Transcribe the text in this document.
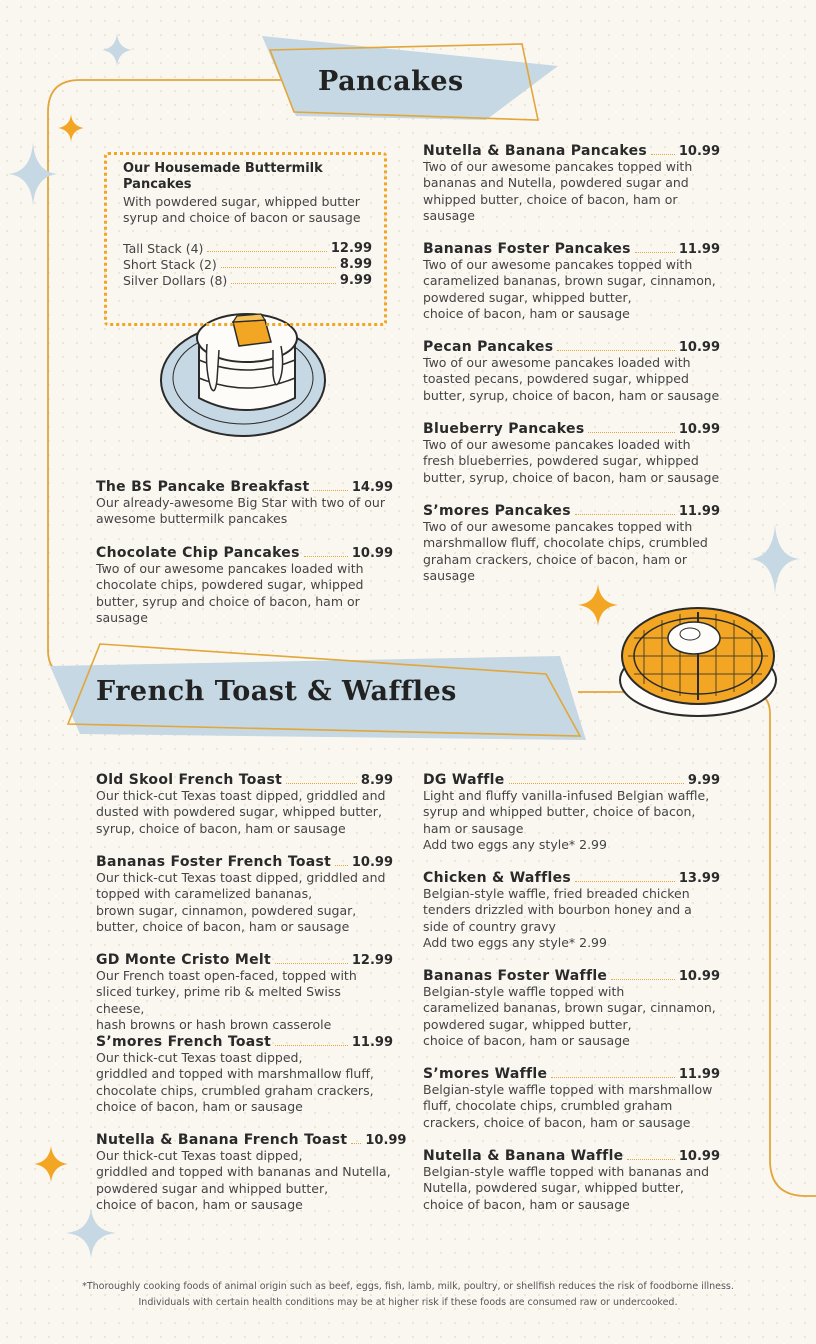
Pancakes
French Toast & Waffles
Our Housemade Buttermilk Pancakes
With powdered sugar, whipped butter syrup and choice of bacon or sausage
Tall Stack (4)	12.99
Short Stack (2)	8.99
Silver Dollars (8)	9.99
The BS Pancake Breakfast	14.99
Our already-awesome Big Star with two of our
awesome buttermilk pancakes
Chocolate Chip Pancakes	10.99
Two of our awesome pancakes loaded with
chocolate chips, powdered sugar, whipped
butter, syrup and choice of bacon, ham or
sausage
Nutella & Banana Pancakes 10.99
Two of our awesome pancakes topped with
bananas and Nutella, powdered sugar and
whipped butter, choice of bacon, ham or
sausage
Bananas Foster Pancakes	11.99
Two of our awesome pancakes topped with
caramelized bananas, brown sugar, cinnamon,
powdered sugar, whipped butter,
choice of bacon, ham or sausage
Pecan Pancakes	10.99
Two of our awesome pancakes loaded with
toasted pecans, powdered sugar, whipped
butter, syrup, choice of bacon, ham or sausage
Blueberry Pancakes	10.99
Two of our awesome pancakes loaded with
fresh blueberries, powdered sugar, whipped
butter, syrup, choice of bacon, ham or sausage
S’mores Pancakes	11.99
Two of our awesome pancakes topped with
marshmallow fluff, chocolate chips, crumbled
graham crackers, choice of bacon, ham or
sausage
Old Skool French Toast	8.99
Our thick-cut Texas toast dipped, griddled and
dusted with powdered sugar, whipped butter,
syrup, choice of bacon, ham or sausage
Bananas Foster French Toast 10.99
Our thick-cut Texas toast dipped, griddled and
topped with caramelized bananas,
brown sugar, cinnamon, powdered sugar,
butter, choice of bacon, ham or sausage
GD Monte Cristo Melt	12.99
Our French toast open-faced, topped with
sliced turkey, prime rib & melted Swiss cheese,
hash browns or hash brown casserole
S’mores French Toast	11.99
Our thick-cut Texas toast dipped,
griddled and topped with marshmallow fluff,
chocolate chips, crumbled graham crackers,
choice of bacon, ham or sausage
Nutella & Banana French Toast 10.99
Our thick-cut Texas toast dipped,
griddled and topped with bananas and Nutella,
powdered sugar and whipped butter,
choice of bacon, ham or sausage
DG Waffle	9.99
Light and fluffy vanilla-infused Belgian waffle,
syrup and whipped butter, choice of bacon,
ham or sausage
Add two eggs any style* 2.99
Chicken & Waffles	13.99
Belgian-style waffle, fried breaded chicken
tenders drizzled with bourbon honey and a
side of country gravy
Add two eggs any style* 2.99
Bananas Foster Waffle	10.99
Belgian-style waffle topped with
caramelized bananas, brown sugar, cinnamon,
powdered sugar, whipped butter,
choice of bacon, ham or sausage
S’mores Waffle	11.99
Belgian-style waffle topped with marshmallow
fluff, chocolate chips, crumbled graham
crackers, choice of bacon, ham or sausage
Nutella & Banana Waffle	10.99
Belgian-style waffle topped with bananas and
Nutella, powdered sugar, whipped butter,
choice of bacon, ham or sausage
*Thoroughly cooking foods of animal origin such as beef, eggs, fish, lamb, milk, poultry, or shellfish reduces the risk of foodborne illness.
Individuals with certain health conditions may be at higher risk if these foods are consumed raw or undercooked.
